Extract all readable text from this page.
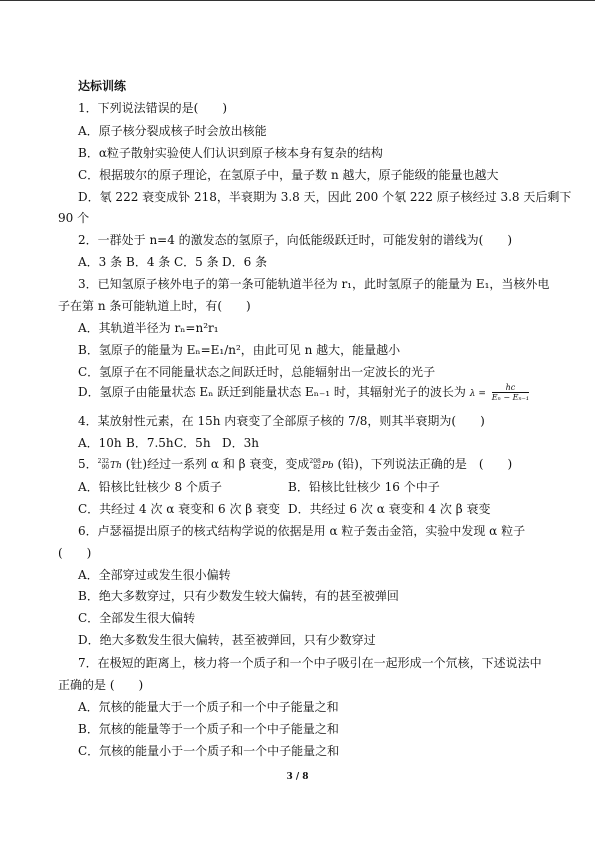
达标训练
1．下列说法错误的是(　　)
A．原子核分裂成核子时会放出核能
B．α粒子散射实验使人们认识到原子核本身有复杂的结构
C．根据玻尔的原子理论，在氢原子中，量子数 n 越大，原子能级的能量也越大
D．氡 222 衰变成钋 218，半衰期为 3.8 天，因此 200 个氡 222 原子核经过 3.8 天后剩下
90 个
2．一群处于 n=4 的激发态的氢原子，向低能级跃迁时，可能发射的谱线为(　　)
A．3 条 B．4 条 C．5 条 D．6 条
3．已知氢原子核外电子的第一条可能轨道半径为 r₁，此时氢原子的能量为 E₁，当核外电
子在第 n 条可能轨道上时，有(　　)
A．其轨道半径为 rₙ=n²r₁
B．氢原子的能量为 Eₙ=E₁/n²，由此可见 n 越大，能量越小
C．氢原子在不同能量状态之间跃迁时，总能辐射出一定波长的光子
D．氢原子由能量状态 Eₙ 跃迁到能量状态 Eₙ₋₁ 时，其辐射光子的波长为 $\lambda = \frac{hc}{\text{Eₙ − Eₙ₋₁}}$
4．某放射性元素，在 15h 内衰变了全部原子核的 7/8，则其半衰期为(　　)
A．10h B．7.5hC．5h D．3h
5． 232
90 Th (钍)经过一系列 α 和 β 衰变，变成 208
82 Pb (铅)，下列说法正确的是　(　　)
A．铅核比钍核少 8 个质子	B．铅核比钍核少 16 个中子
C．共经过 4 次 α 衰变和 6 次 β 衰变 D．共经过 6 次 α 衰变和 4 次 β 衰变
6．卢瑟福提出原子的核式结构学说的依据是用 α 粒子轰击金箔，实验中发现 α 粒子
(　　)
A．全部穿过或发生很小偏转
B．绝大多数穿过，只有少数发生较大偏转，有的甚至被弹回
C．全部发生很大偏转
D．绝大多数发生很大偏转，甚至被弹回，只有少数穿过
7．在极短的距离上，核力将一个质子和一个中子吸引在一起形成一个氘核，下述说法中
正确的是 (　　)
A．氘核的能量大于一个质子和一个中子能量之和
B．氘核的能量等于一个质子和一个中子能量之和
C．氘核的能量小于一个质子和一个中子能量之和
3 / 8
